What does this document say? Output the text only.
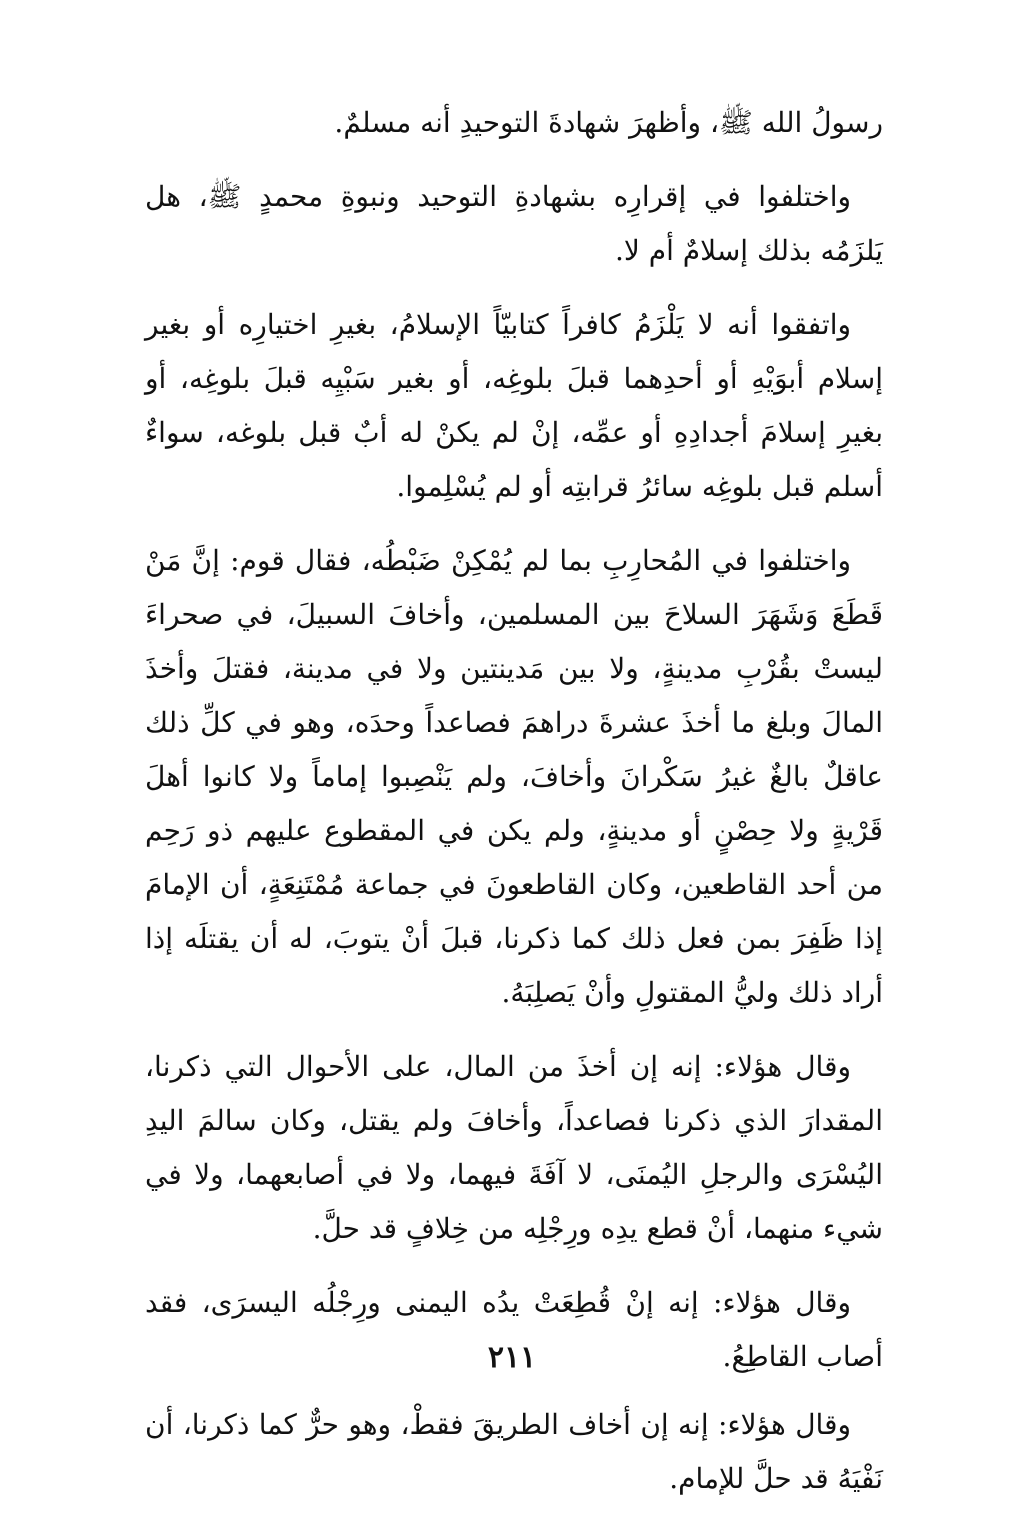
رسولُ الله ﷺ، وأظهرَ شهادةَ التوحيدِ أنه مسلمٌ.

واختلفوا في إقرارِه بشهادةِ التوحيد ونبوةِ محمدٍ ﷺ، هل يَلزَمُه بذلك إسلامٌ أم لا.

واتفقوا أنه لا يَلْزَمُ كافراً كتابيّاً الإسلامُ، بغيرِ اختيارِه أو بغير إسلام أبوَيْهِ أو أحدِهما قبلَ بلوغِه، أو بغير سَبْيِه قبلَ بلوغِه، أو بغيرِ إسلامَ أجدادِهِ أو عمِّه، إنْ لم يكنْ له أبٌ قبل بلوغه، سواءٌ أسلم قبل بلوغِه سائرُ قرابتِه أو لم يُسْلِموا.

واختلفوا في المُحارِبِ بما لم يُمْكِنْ ضَبْطُه، فقال قوم: إنَّ مَنْ قَطَعَ وَشَهَرَ السلاحَ بين المسلمين، وأخافَ السبيلَ، في صحراءَ ليستْ بقُرْبِ مدينةٍ، ولا بين مَدينتين ولا في مدينة، فقتلَ وأخذَ المالَ وبلغ ما أخذَ عشرةَ دراهمَ فصاعداً وحدَه، وهو في كلِّ ذلك عاقلٌ بالغٌ غيرُ سَكْرانَ وأخافَ، ولم يَنْصِبوا إماماً ولا كانوا أهلَ قَرْيةٍ ولا حِصْنٍ أو مدينةٍ، ولم يكن في المقطوع عليهم ذو رَحِم من أحد القاطعين، وكان القاطعونَ في جماعة مُمْتَنِعَةٍ، أن الإمامَ إذا ظَفِرَ بمن فعل ذلك كما ذكرنا، قبلَ أنْ يتوبَ، له أن يقتلَه إذا أراد ذلك وليُّ المقتولِ وأنْ يَصلِبَهُ.

وقال هؤلاء: إنه إن أخذَ من المال، على الأحوال التي ذكرنا، المقدارَ الذي ذكرنا فصاعداً، وأخافَ ولم يقتل، وكان سالمَ اليدِ اليُسْرَى والرجلِ اليُمنَى، لا آفَةَ فيهما، ولا في أصابعهما، ولا في شيء منهما، أنْ قطع يدِه ورِجْلِه من خِلافٍ قد حلَّ.

وقال هؤلاء: إنه إنْ قُطِعَتْ يدُه اليمنى ورِجْلُه اليسرَى، فقد أصاب القاطِعُ.

وقال هؤلاء: إنه إن أخاف الطريقَ فقطْ، وهو حرٌّ كما ذكرنا، أن نَفْيَهُ قد حلَّ للإمام.

٢١١
